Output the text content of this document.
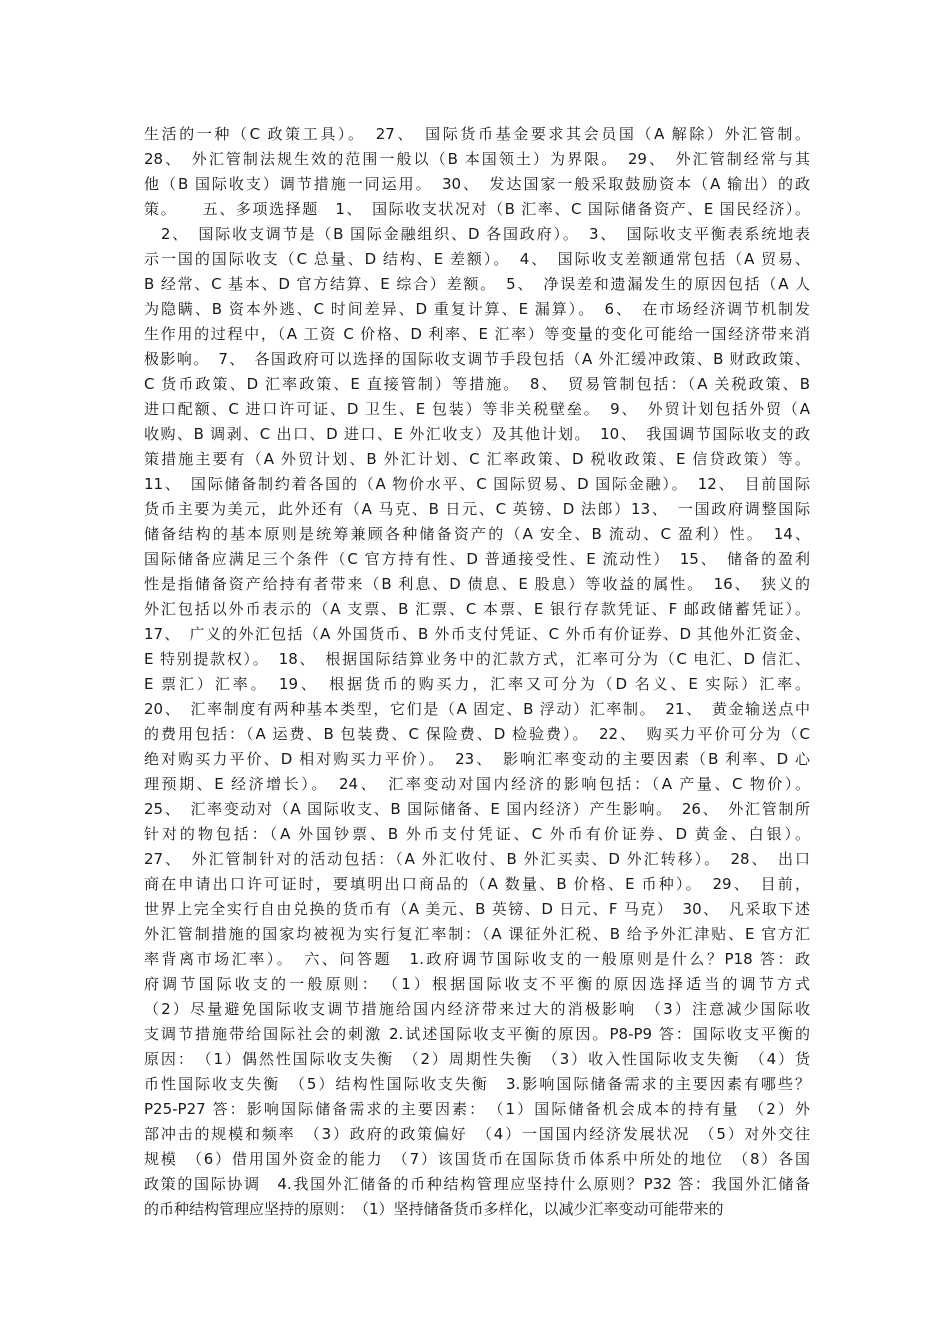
生活的一种（C 政策工具）。　27、　国际货币基金要求其会员国（A 解除）外汇管制。
28、　外汇管制法规生效的范围一般以（B 本国领土）为界限。　29、　外汇管制经常与其
他（B 国际收支）调节措施一同运用。　30、　发达国家一般采取鼓励资本（A 输出）的政
策。　　五、多项选择题　1、　国际收支状况对（B 汇率、C 国际储备资产、E 国民经济）。
　2、　国际收支调节是（B 国际金融组织、D 各国政府）。　3、　国际收支平衡表系统地表
示一国的国际收支（C 总量、D 结构、E 差额）。　4、　国际收支差额通常包括（A 贸易、
B 经常、C 基本、D 官方结算、E 综合）差额。　5、　净误差和遗漏发生的原因包括（A 人
为隐瞒、B 资本外逃、C 时间差异、D 重复计算、E 漏算）。　6、　在市场经济调节机制发
生作用的过程中，（A 工资 C 价格、D 利率、E 汇率）等变量的变化可能给一国经济带来消
极影响。　7、　各国政府可以选择的国际收支调节手段包括（A 外汇缓冲政策、B 财政政策、
C 货币政策、D 汇率政策、E 直接管制）等措施。　8、　贸易管制包括：（A 关税政策、B
进口配额、C 进口许可证、D 卫生、E 包装）等非关税壁垒。　9、　外贸计划包括外贸（A
收购、B 调剥、C 出口、D 进口、E 外汇收支）及其他计划。　10、　我国调节国际收支的政
策措施主要有（A 外贸计划、B 外汇计划、C 汇率政策、D 税收政策、E 信贷政策）等。
11、　国际储备制约着各国的（A 物价水平、C 国际贸易、D 国际金融）。　12、　目前国际
货币主要为美元，此外还有（A 马克、B 日元、C 英镑、D 法郎）13、　一国政府调整国际
储备结构的基本原则是统筹兼顾各种储备资产的（A 安全、B 流动、C 盈利）性。　14、
国际储备应满足三个条件（C 官方持有性、D 普通接受性、E 流动性）　15、　储备的盈利
性是指储备资产给持有者带来（B 利息、D 债息、E 股息）等收益的属性。　16、　狭义的
外汇包括以外币表示的（A 支票、B 汇票、C 本票、E 银行存款凭证、F 邮政储蓄凭证）。
17、　广义的外汇包括（A 外国货币、B 外币支付凭证、C 外币有价证券、D 其他外汇资金、
E 特别提款权）。　18、　根据国际结算业务中的汇款方式，汇率可分为（C 电汇、D 信汇、
E 票汇）汇率。　19、　根据货币的购买力，汇率又可分为（D 名义、E 实际）汇率。
20、　汇率制度有两种基本类型，它们是（A 固定、B 浮动）汇率制。　21、　黄金输送点中
的费用包括：（A 运费、B 包装费、C 保险费、D 检验费）。　22、　购买力平价可分为（C
绝对购买力平价、D 相对购买力平价）。　23、　影响汇率变动的主要因素（B 利率、D 心
理预期、E 经济增长）。　24、　汇率变动对国内经济的影响包括：（A 产量、C 物价）。
25、　汇率变动对（A 国际收支、B 国际储备、E 国内经济）产生影响。　26、　外汇管制所
针对的物包括：（A 外国钞票、B 外币支付凭证、C 外币有价证券、D 黄金、白银）。
27、　外汇管制针对的活动包括：（A 外汇收付、B 外汇买卖、D 外汇转移）。　28、　出口
商在申请出口许可证时，要填明出口商品的（A 数量、B 价格、E 币种）。　29、　目前，
世界上完全实行自由兑换的货币有（A 美元、B 英镑、D 日元、F 马克）　30、　凡采取下述
外汇管制措施的国家均被视为实行复汇率制：（A 课征外汇税、B 给予外汇津贴、E 官方汇
率背离市场汇率）。　六、问答题　1.政府调节国际收支的一般原则是什么？P18 答：政
府调节国际收支的一般原则：　（1）根据国际收支不平衡的原因选择适当的调节方式
（2）尽量避免国际收支调节措施给国内经济带来过大的消极影响　（3）注意减少国际收
支调节措施带给国际社会的刺激 2.试述国际收支平衡的原因。P8-P9 答：国际收支平衡的
原因：　（1）偶然性国际收支失衡　（2）周期性失衡　（3）收入性国际收支失衡　（4）货
币性国际收支失衡　（5）结构性国际收支失衡　3.影响国际储备需求的主要因素有哪些？
P25-P27 答：影响国际储备需求的主要因素：　（1）国际储备机会成本的持有量　（2）外
部冲击的规模和频率　（3）政府的政策偏好　（4）一国国内经济发展状况　（5）对外交往
规模　（6）借用国外资金的能力　（7）该国货币在国际货币体系中所处的地位　（8）各国
政策的国际协调　4.我国外汇储备的币种结构管理应坚持什么原则？P32 答：我国外汇储备
的币种结构管理应坚持的原则：　（1）坚持储备货币多样化，以减少汇率变动可能带来的
